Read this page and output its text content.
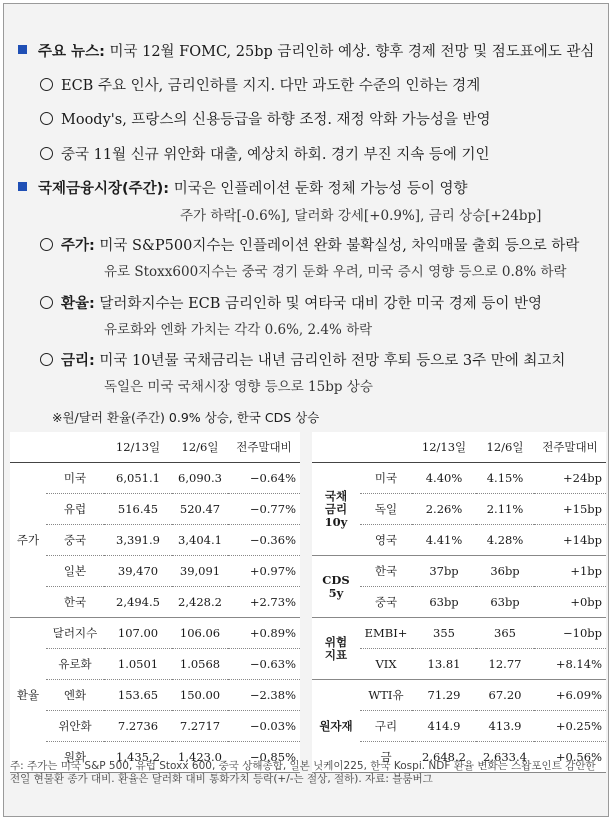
주요 뉴스: 미국 12월 FOMC, 25bp 금리인하 예상. 향후 경제 전망 및 점도표에도 관심
ECB 주요 인사, 금리인하를 지지. 다만 과도한 수준의 인하는 경계
Moody's, 프랑스의 신용등급을 하향 조정. 재정 악화 가능성을 반영
중국 11월 신규 위안화 대출, 예상치 하회. 경기 부진 지속 등에 기인
국제금융시장(주간): 미국은 인플레이션 둔화 정체 가능성 등이 영향
주가 하락[-0.6%], 달러화 강세[+0.9%], 금리 상승[+24bp]
주가: 미국 S&P500지수는 인플레이션 완화 불확실성, 차익매물 출회 등으로 하락
유로 Stoxx600지수는 중국 경기 둔화 우려, 미국 증시 영향 등으로 0.8% 하락
환율: 달러화지수는 ECB 금리인하 및 여타국 대비 강한 미국 경제 등이 반영
유로화와 엔화 가치는 각각 0.6%, 2.4% 하락
금리: 미국 10년물 국채금리는 내년 금리인하 전망 후퇴 등으로 3주 만에 최고치
독일은 미국 국채시장 영향 등으로 15bp 상승
※원/달러 환율(주간) 0.9% 상승, 한국 CDS 상승
		12/13일	12/6일	전주말대비
주가	미국	6,051.1	6,090.3	−0.64%
	유럽	516.45	520.47	−0.77%
	중국	3,391.9	3,404.1	−0.36%
	일본	39,470	39,091	+0.97%
	한국	2,494.5	2,428.2	+2.73%
환율	달러지수	107.00	106.06	+0.89%
	유로화	1.0501	1.0568	−0.63%
	엔화	153.65	150.00	−2.38%
	위안화	7.2736	7.2717	−0.03%
	원화	1,435.2	1,423.0	−0.85%
		12/13일	12/6일	전주말대비
국채
금리
10y	미국	4.40%	4.15%	+24bp
	독일	2.26%	2.11%	+15bp
	영국	4.41%	4.28%	+14bp
CDS
5y	한국	37bp	36bp	+1bp
	중국	63bp	63bp	+0bp
위험
지표	EMBI+	355	365	−10bp
	VIX	13.81	12.77	+8.14%
원자재	WTI유	71.29	67.20	+6.09%
	구리	414.9	413.9	+0.25%
	금	2,648.2	2,633.4	+0.56%
주: 주가는 미국 S&P 500, 유럽 Stoxx 600, 중국 상해종합, 일본 닛케이225, 한국 Kospi. NDF 환율 변화는 스왑포인트 감안한 전일 현물환 종가 대비. 환율은 달러화 대비 통화가치 등락(+/-는 절상, 절하). 자료: 블룸버그
